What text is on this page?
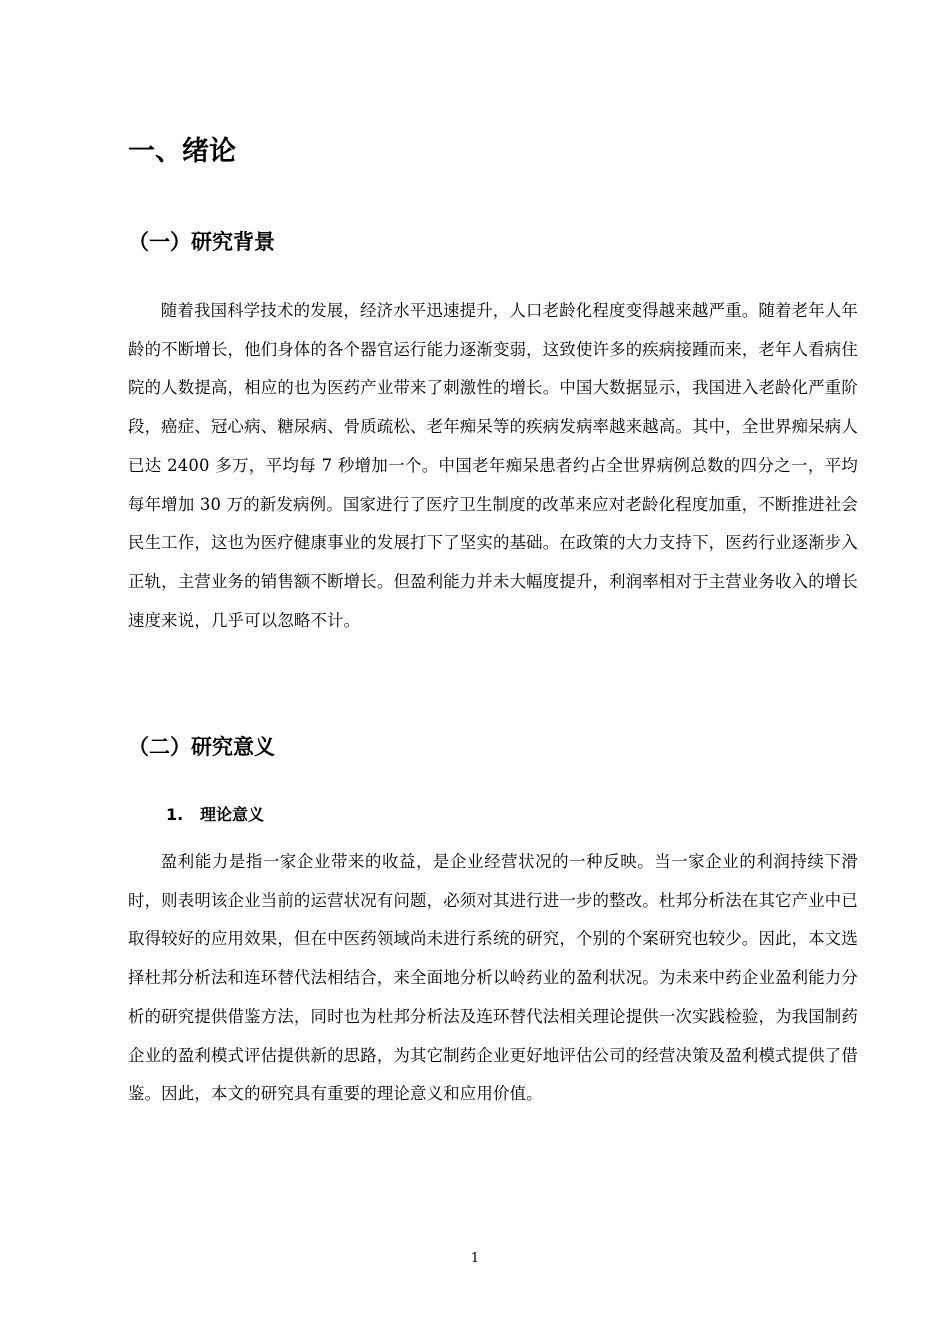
一、绪论
（一）研究背景

随着我国科学技术的发展，经济水平迅速提升，人口老龄化程度变得越来越严重。随着老年人年龄的不断增长，他们身体的各个器官运行能力逐渐变弱，这致使许多的疾病接踵而来，老年人看病住院的人数提高，相应的也为医药产业带来了刺激性的增长。中国大数据显示，我国进入老龄化严重阶段，癌症、冠心病、糖尿病、骨质疏松、老年痴呆等的疾病发病率越来越高。其中，全世界痴呆病人已达 2400 多万，平均每 7 秒增加一个。中国老年痴呆患者约占全世界病例总数的四分之一，平均每年增加 30 万的新发病例。国家进行了医疗卫生制度的改革来应对老龄化程度加重，不断推进社会民生工作，这也为医疗健康事业的发展打下了坚实的基础。在政策的大力支持下，医药行业逐渐步入正轨，主营业务的销售额不断增长。但盈利能力并未大幅度提升，利润率相对于主营业务收入的增长速度来说，几乎可以忽略不计。

（二）研究意义
1. 理论意义

盈利能力是指一家企业带来的收益，是企业经营状况的一种反映。当一家企业的利润持续下滑时，则表明该企业当前的运营状况有问题，必须对其进行进一步的整改。杜邦分析法在其它产业中已取得较好的应用效果，但在中医药领域尚未进行系统的研究，个别的个案研究也较少。因此，本文选择杜邦分析法和连环替代法相结合，来全面地分析以岭药业的盈利状况。为未来中药企业盈利能力分析的研究提供借鉴方法，同时也为杜邦分析法及连环替代法相关理论提供一次实践检验，为我国制药企业的盈利模式评估提供新的思路，为其它制药企业更好地评估公司的经营决策及盈利模式提供了借鉴。因此，本文的研究具有重要的理论意义和应用价值。

1
